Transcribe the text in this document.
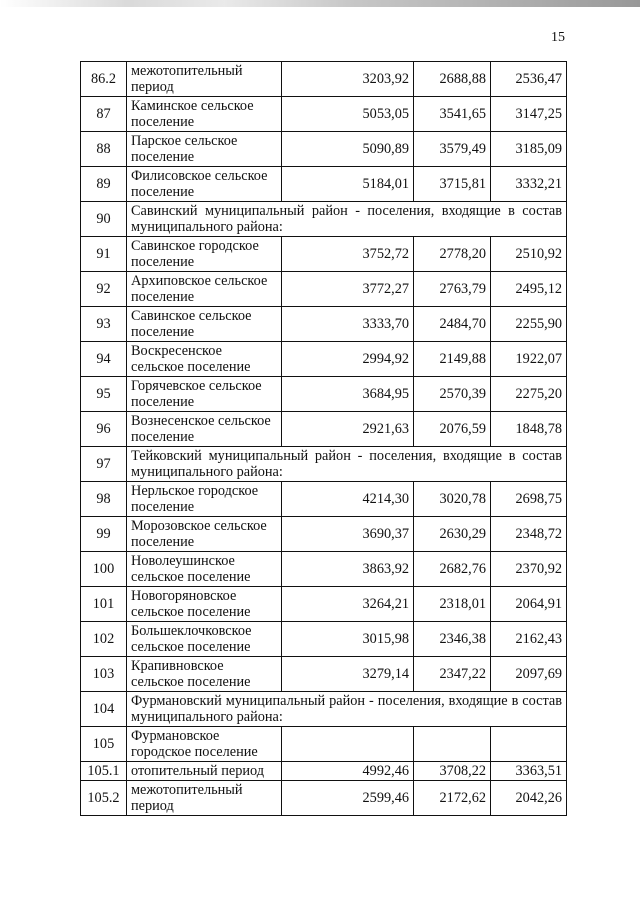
15
86.2	межотопительный период	3203,92	2688,88	2536,47
87	Каминское сельское поселение	5053,05	3541,65	3147,25
88	Парское сельское поселение	5090,89	3579,49	3185,09
89	Филисовское сельское поселение	5184,01	3715,81	3332,21
90	Савинский муниципальный район - поселения, входящие в состав муниципального района:			
91	Савинское городское поселение	3752,72	2778,20	2510,92
92	Архиповское сельское поселение	3772,27	2763,79	2495,12
93	Савинское сельское поселение	3333,70	2484,70	2255,90
94	Воскресенское сельское поселение	2994,92	2149,88	1922,07
95	Горячевское сельское поселение	3684,95	2570,39	2275,20
96	Вознесенское сельское поселение	2921,63	2076,59	1848,78
97	Тейковский муниципальный район - поселения, входящие в состав муниципального района:			
98	Нерльское городское поселение	4214,30	3020,78	2698,75
99	Морозовское сельское поселение	3690,37	2630,29	2348,72
100	Новолеушинское сельское поселение	3863,92	2682,76	2370,92
101	Новогоряновское сельское поселение	3264,21	2318,01	2064,91
102	Большеклочковское сельское поселение	3015,98	2346,38	2162,43
103	Крапивновское сельское поселение	3279,14	2347,22	2097,69
104	Фурмановский муниципальный район - поселения, входящие в состав муниципального района:			
105	Фурмановское городское поселение			
105.1	отопительный период	4992,46	3708,22	3363,51
105.2	межотопительный период	2599,46	2172,62	2042,26
